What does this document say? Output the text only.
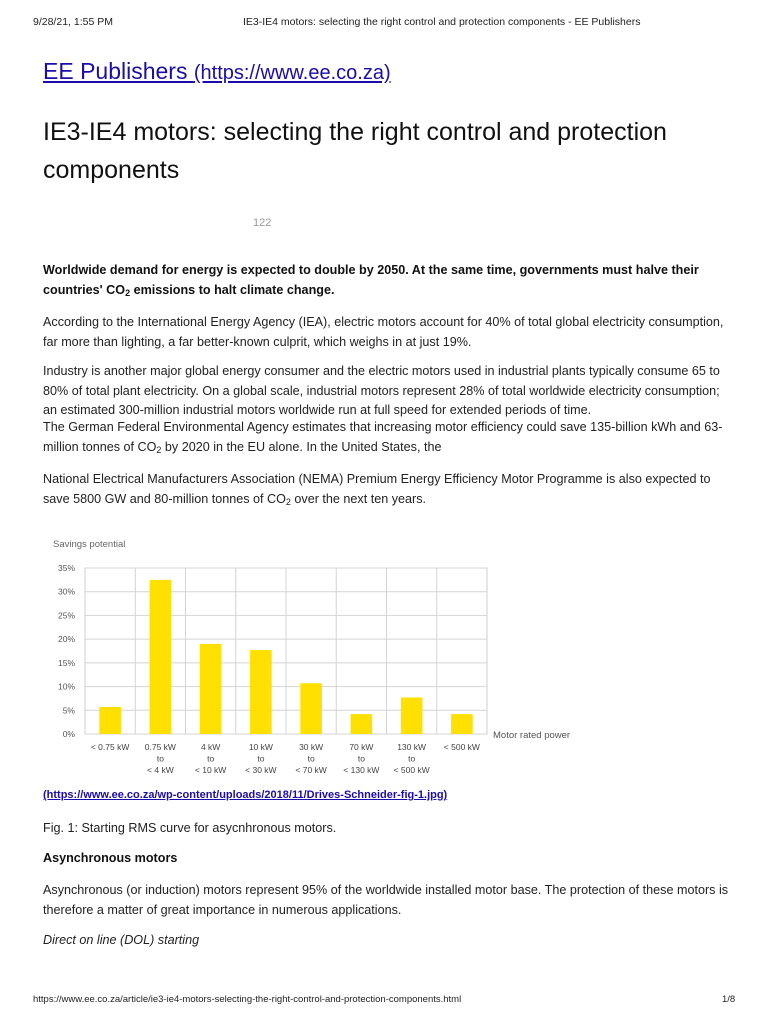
9/28/21, 1:55 PM	IE3-IE4 motors: selecting the right control and protection components - EE Publishers
EE Publishers (https://www.ee.co.za)
IE3-IE4 motors: selecting the right control and protection components
122

Worldwide demand for energy is expected to double by 2050. At the same time, governments must halve their countries' $CO_2$ emissions to halt climate change.

According to the International Energy Agency (IEA), electric motors account for 40% of total global electricity consumption, far more than lighting, a far better-known culprit, which weighs in at just 19%.

Industry is another major global energy consumer and the electric motors used in industrial plants typically consume 65 to 80% of total plant electricity. On a global scale, industrial motors represent 28% of total worldwide electricity consumption; an estimated 300-million industrial motors worldwide run at full speed for extended periods of time.

The German Federal Environmental Agency estimates that increasing motor efficiency could save 135-billion kWh and 63-million tonnes of $CO_2$ by 2020 in the EU alone. In the United States, the

National Electrical Manufacturers Association (NEMA) Premium Energy Efficiency Motor Programme is also expected to save 5800 GW and 80-million tonnes of $CO_2$ over the next ten years.

Savings potential
0%
5%
10%
15%
20%
25%
30%
35%
< 0.75 kW 0.75 kW
to
< 4 kW
4 kW
to
< 10 kW
10 kW
to
< 30 kW
30 kW
to
< 70 kW
70 kW
to
< 130 kW
130 kW
to
< 500 kW
< 500 kW
Motor rated power
(https://www.ee.co.za/wp-content/uploads/2018/11/Drives-Schneider-fig-1.jpg)
Fig. 1: Starting RMS curve for asycnhronous motors.
Asynchronous motors

Asynchronous (or induction) motors represent 95% of the worldwide installed motor base. The protection of these motors is therefore a matter of great importance in numerous applications.

Direct on line (DOL) starting
https://www.ee.co.za/article/ie3-ie4-motors-selecting-the-right-control-and-protection-components.html	1/8
